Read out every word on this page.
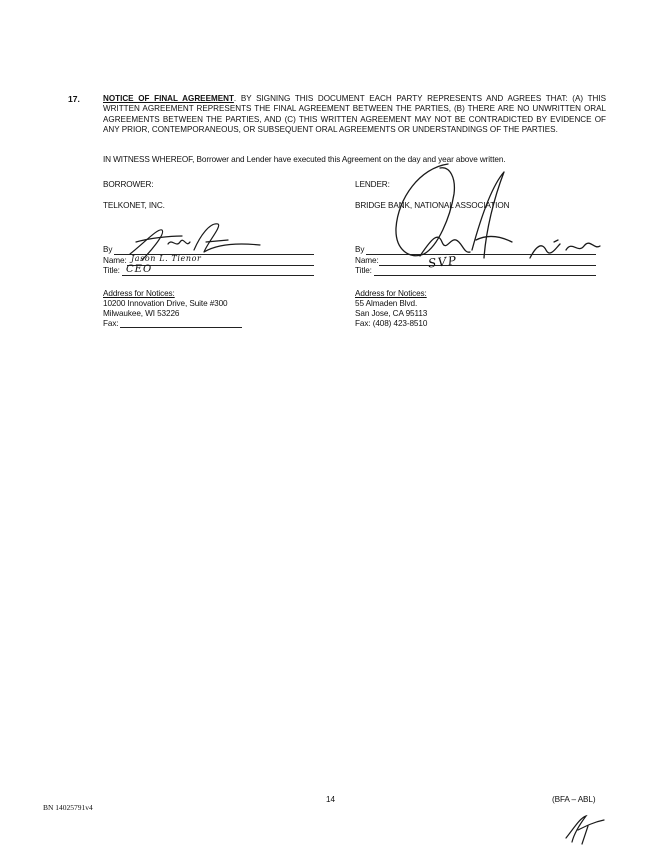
17.	NOTICE OF FINAL AGREEMENT. BY SIGNING THIS DOCUMENT EACH PARTY REPRESENTS AND AGREES THAT: (A) THIS WRITTEN AGREEMENT REPRESENTS THE FINAL AGREEMENT BETWEEN THE PARTIES, (B) THERE ARE NO UNWRITTEN ORAL AGREEMENTS BETWEEN THE PARTIES, AND (C) THIS WRITTEN AGREEMENT MAY NOT BE CONTRADICTED BY EVIDENCE OF ANY PRIOR, CONTEMPORANEOUS, OR SUBSEQUENT ORAL AGREEMENTS OR UNDERSTANDINGS OF THE PARTIES.
IN WITNESS WHEREOF, Borrower and Lender have executed this Agreement on the day and year above written.
BORROWER:
TELKONET, INC.
By
Name:
Title:
Jason L. Tienor
CEO
Address for Notices:
10200 Innovation Drive, Suite #300
Milwaukee, WI 53226
Fax:
LENDER:
BRIDGE BANK, NATIONAL ASSOCIATION
By
Name:
Title:	SVP
Address for Notices:
55 Almaden Blvd.
San Jose, CA 95113
Fax: (408) 423-8510
14
BN 14025791v4
(BFA – ABL)
